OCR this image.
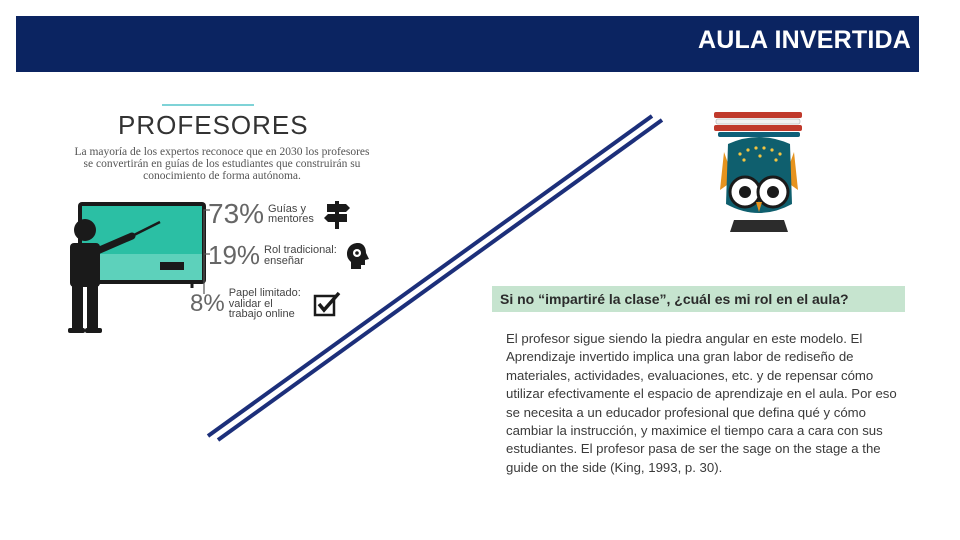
AULA INVERTIDA
PROFESORES
La mayoría de los expertos reconoce que en 2030 los profesores se convertirán en guías de los estudiantes que construirán su conocimiento de forma autónoma.
73% Guías y mentores
19% Rol tradicional: enseñar
8% Papel limitado: validar el trabajo online
Si no “impartiré la clase”, ¿cuál es mi rol en el aula?
El profesor sigue siendo la piedra angular en este modelo. El Aprendizaje invertido implica una gran labor de rediseño de materiales, actividades, evaluaciones, etc. y de repensar cómo utilizar efectivamente el espacio de aprendizaje en el aula. Por eso se necesita a un educador profesional que defina qué y cómo cambiar la instrucción, y maximice el tiempo cara a cara con sus estudiantes. El profesor pasa de ser the sage on the stage a the guide on the side (King, 1993, p. 30).
